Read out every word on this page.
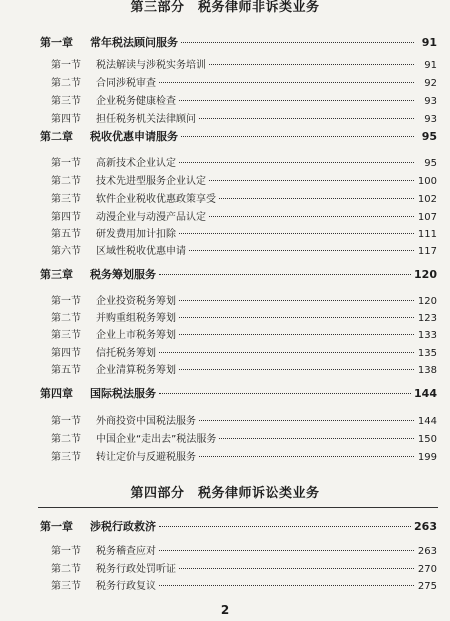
第三部分　税务律师非诉类业务
第一章	常年税法顾问服务	91
第一节	税法解读与涉税实务培训	91
第二节	合同涉税审查	92
第三节	企业税务健康检查	93
第四节	担任税务机关法律顾问	93
第二章	税收优惠申请服务	95
第一节	高新技术企业认定	95
第二节	技术先进型服务企业认定	100
第三节	软件企业税收优惠政策享受	102
第四节	动漫企业与动漫产品认定	107
第五节	研发费用加计扣除	111
第六节	区域性税收优惠申请	117
第三章	税务筹划服务	120
第一节	企业投资税务筹划	120
第二节	并购重组税务筹划	123
第三节	企业上市税务筹划	133
第四节	信托税务筹划	135
第五节	企业清算税务筹划	138
第四章	国际税法服务	144
第一节	外商投资中国税法服务	144
第二节	中国企业“走出去”税法服务	150
第三节	转让定价与反避税服务	199
第四部分　税务律师诉讼类业务
第一章	涉税行政救济	263
第一节	税务稽查应对	263
第二节	税务行政处罚听证	270
第三节	税务行政复议	275
2
